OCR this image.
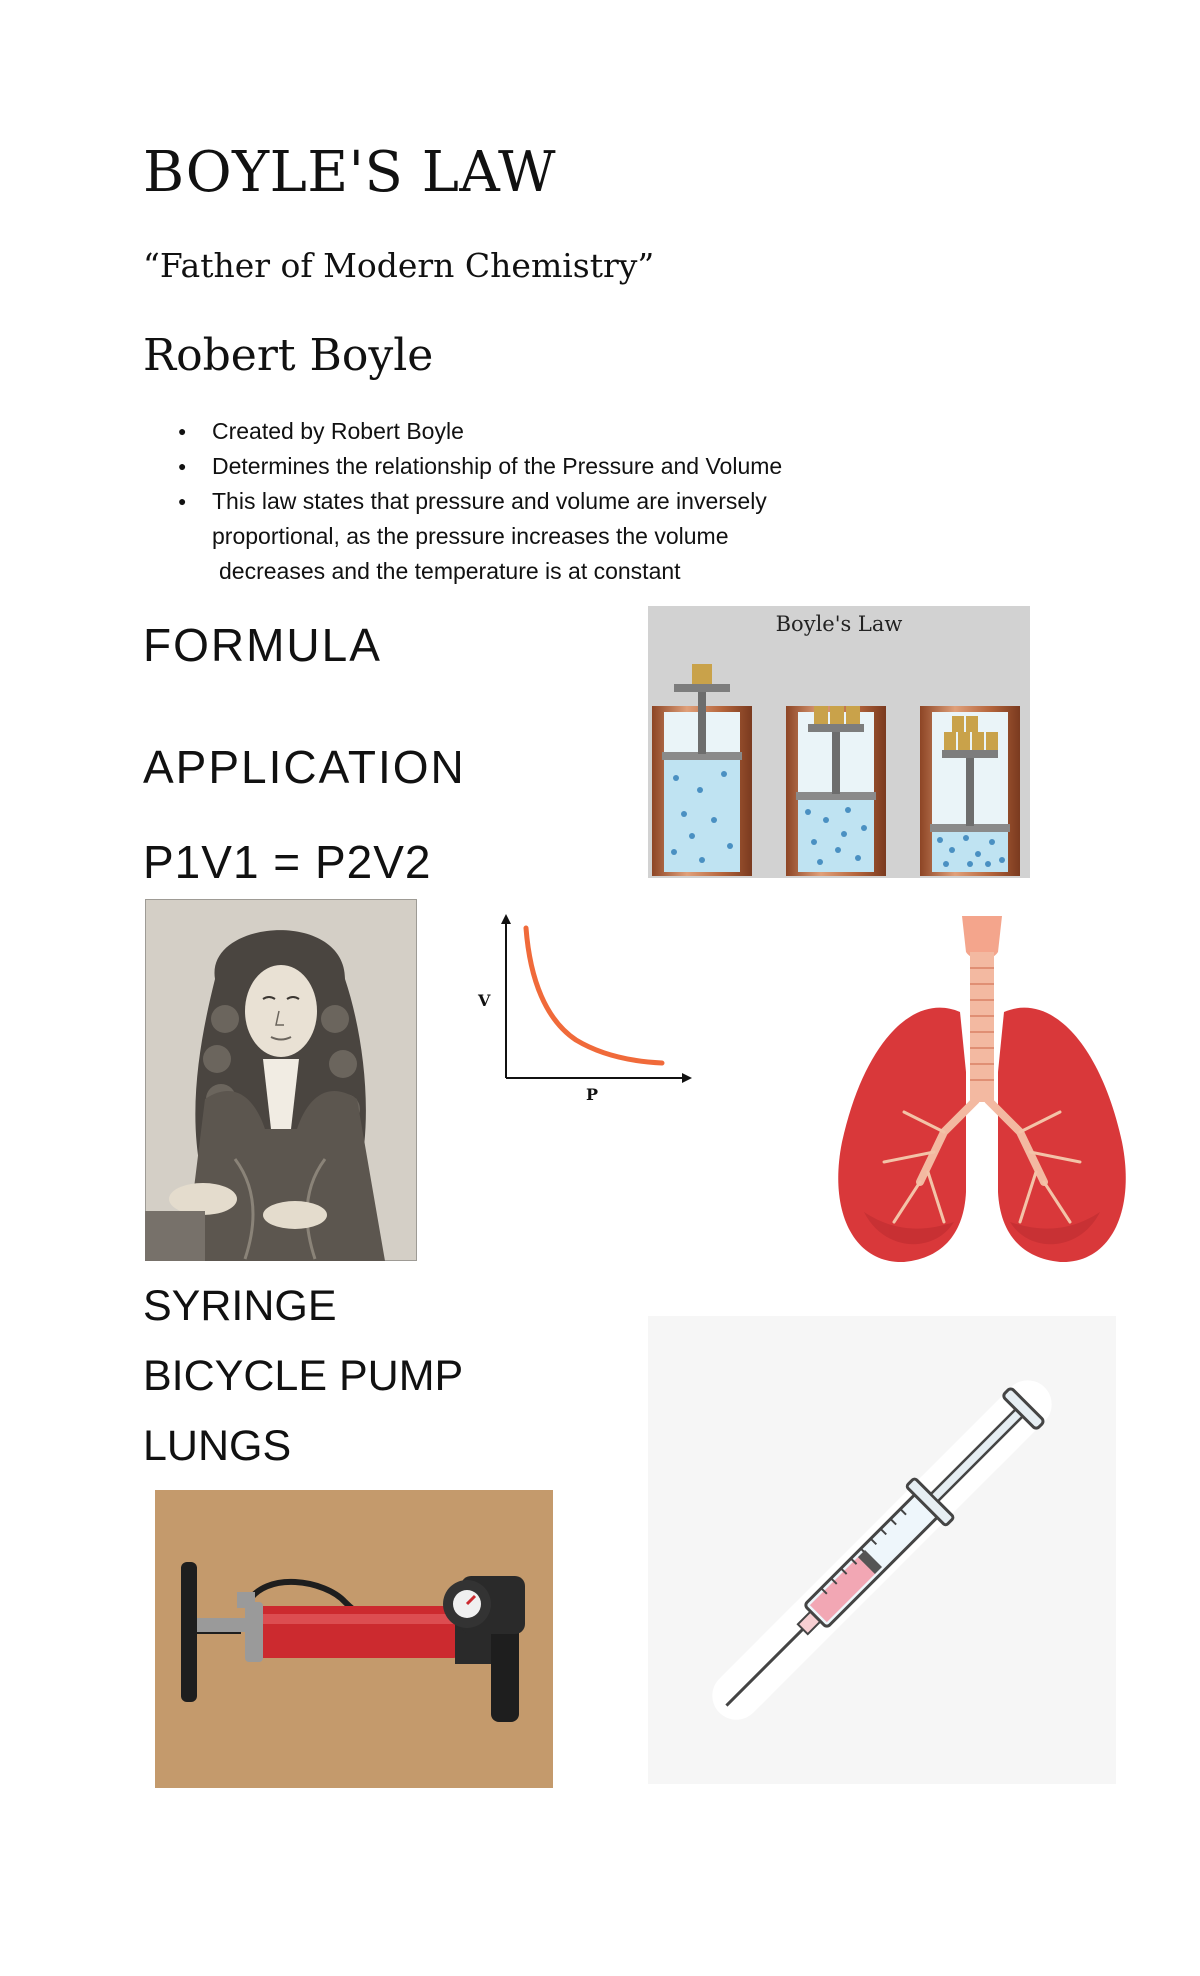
BOYLE'S LAW
“Father of Modern Chemistry”
Robert Boyle
● Created by Robert Boyle
● Determines the relationship of the Pressure and Volume
● This law states that pressure and volume are inversely
proportional, as the pressure increases the volume
decreases and the temperature is at constant
FORMULA
APPLICATION
P1V1 = P2V2
SYRINGE
BICYCLE PUMP
LUNGS
Boyle's Law
V
P
